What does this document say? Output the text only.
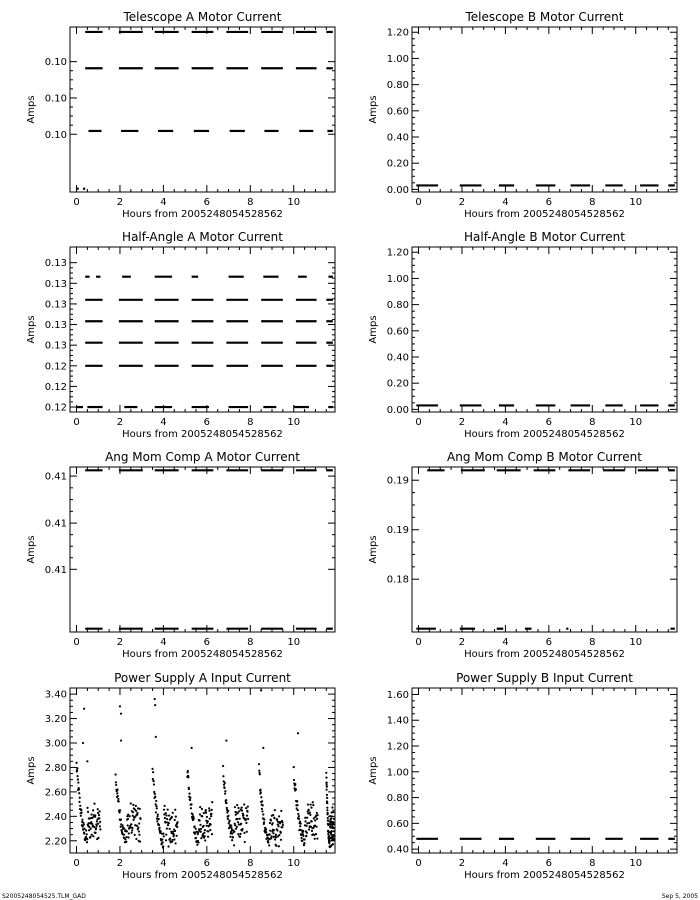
Telescope A Motor Current
0	2	4	6	8	10
Hours from 2005248054528562
0.10
0.10
0.10
Amps
Telescope B Motor Current
0	2	4	6	8	10
Hours from 2005248054528562
0.00
0.20
0.40
0.60
0.80
1.00
1.20
Amps
Half-Angle A Motor Current
0	2	4	6	8	10
Hours from 2005248054528562
0.12
0.12
0.12
0.13
0.13
0.13
0.13
0.13
Amps
Half-Angle B Motor Current
0	2	4	6	8	10
Hours from 2005248054528562
0.00
0.20
0.40
0.60
0.80
1.00
1.20
Amps
Ang Mom Comp A Motor Current
0	2	4	6	8	10
Hours from 2005248054528562
0.41
0.41
0.41
Amps
Ang Mom Comp B Motor Current
0	2	4	6	8	10
Hours from 2005248054528562
0.19
0.19
0.18
Amps
Power Supply A Input Current
0	2	4	6	8	10
Hours from 2005248054528562
2.20
2.40
2.60
2.80
3.00
3.20
3.40
Amps
Power Supply B Input Current
0	2	4	6	8	10
Hours from 2005248054528562
0.40
0.60
0.80
1.00
1.20
1.40
1.60
Amps
S2005248054525.TLM_GAD	Sep 5, 2005
